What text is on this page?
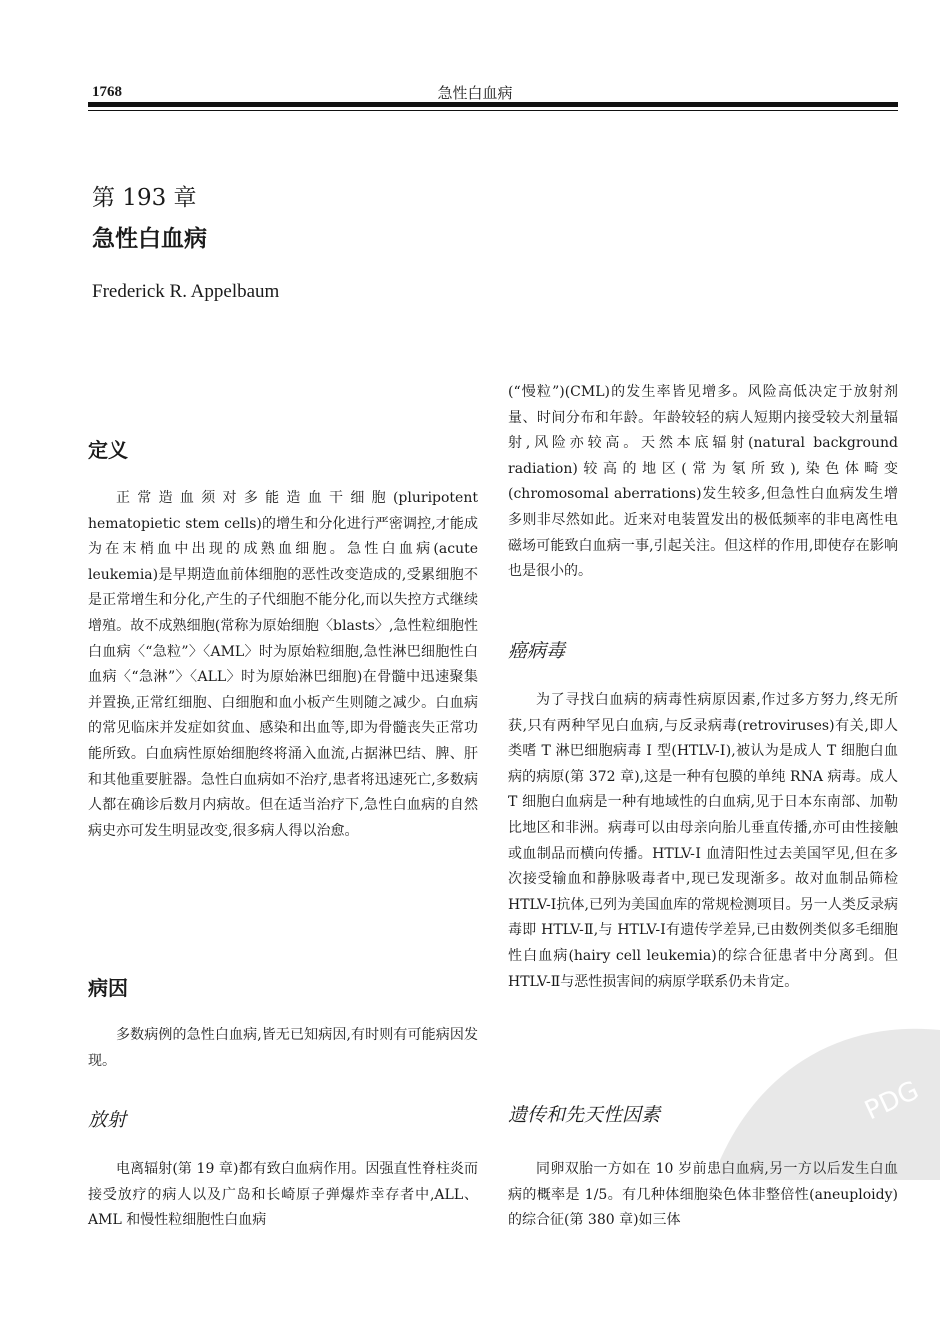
1768	急性白血病
第 193 章
急性白血病
Frederick R. Appelbaum
定义

正常造血须对多能造血干细胞(pluripotent hematopietic stem cells)的增生和分化进行严密调控,才能成为在末梢血中出现的成熟血细胞。急性白血病(acute leukemia)是早期造血前体细胞的恶性改变造成的,受累细胞不是正常增生和分化,产生的子代细胞不能分化,而以失控方式继续增殖。故不成熟细胞(常称为原始细胞〈blasts〉,急性粒细胞性白血病〈“急粒”〉〈AML〉时为原始粒细胞,急性淋巴细胞性白血病〈“急淋”〉〈ALL〉时为原始淋巴细胞)在骨髓中迅速聚集并置换,正常红细胞、白细胞和血小板产生则随之减少。白血病的常见临床并发症如贫血、感染和出血等,即为骨髓丧失正常功能所致。白血病性原始细胞终将涌入血流,占据淋巴结、脾、肝和其他重要脏器。急性白血病如不治疗,患者将迅速死亡,多数病人都在确诊后数月内病故。但在适当治疗下,急性白血病的自然病史亦可发生明显改变,很多病人得以治愈。

病因

多数病例的急性白血病,皆无已知病因,有时则有可能病因发现。

放射

电离辐射(第 19 章)都有致白血病作用。因强直性脊柱炎而接受放疗的病人以及广岛和长崎原子弹爆炸幸存者中,ALL、AML 和慢性粒细胞性白血病

(“慢粒”)(CML)的发生率皆见增多。风险高低决定于放射剂量、时间分布和年龄。年龄较轻的病人短期内接受较大剂量辐射,风险亦较高。天然本底辐射(natural background radiation)较高的地区(常为氡所致),染色体畸变(chromosomal aberrations)发生较多,但急性白血病发生增多则非尽然如此。近来对电装置发出的极低频率的非电离性电磁场可能致白血病一事,引起关注。但这样的作用,即使存在影响也是很小的。

癌病毒

为了寻找白血病的病毒性病原因素,作过多方努力,终无所获,只有两种罕见白血病,与反录病毒(retroviruses)有关,即人类嗜 T 淋巴细胞病毒 Ⅰ 型(HTLV-Ⅰ),被认为是成人 T 细胞白血病的病原(第 372 章),这是一种有包膜的单纯 RNA 病毒。成人 T 细胞白血病是一种有地域性的白血病,见于日本东南部、加勒比地区和非洲。病毒可以由母亲向胎儿垂直传播,亦可由性接触或血制品而横向传播。HTLV-Ⅰ 血清阳性过去美国罕见,但在多次接受输血和静脉吸毒者中,现已发现渐多。故对血制品筛检 HTLV-Ⅰ抗体,已列为美国血库的常规检测项目。另一人类反录病毒即 HTLV-Ⅱ,与 HTLV-Ⅰ有遗传学差异,已由数例类似多毛细胞性白血病(hairy cell leukemia)的综合征患者中分离到。但 HTLV-Ⅱ与恶性损害间的病原学联系仍未肯定。

遗传和先天性因素

同卵双胎一方如在 10 岁前患白血病,另一方以后发生白血病的概率是 1/5。有几种体细胞染色体非整倍性(aneuploidy)的综合征(第 380 章)如三体

PDG
